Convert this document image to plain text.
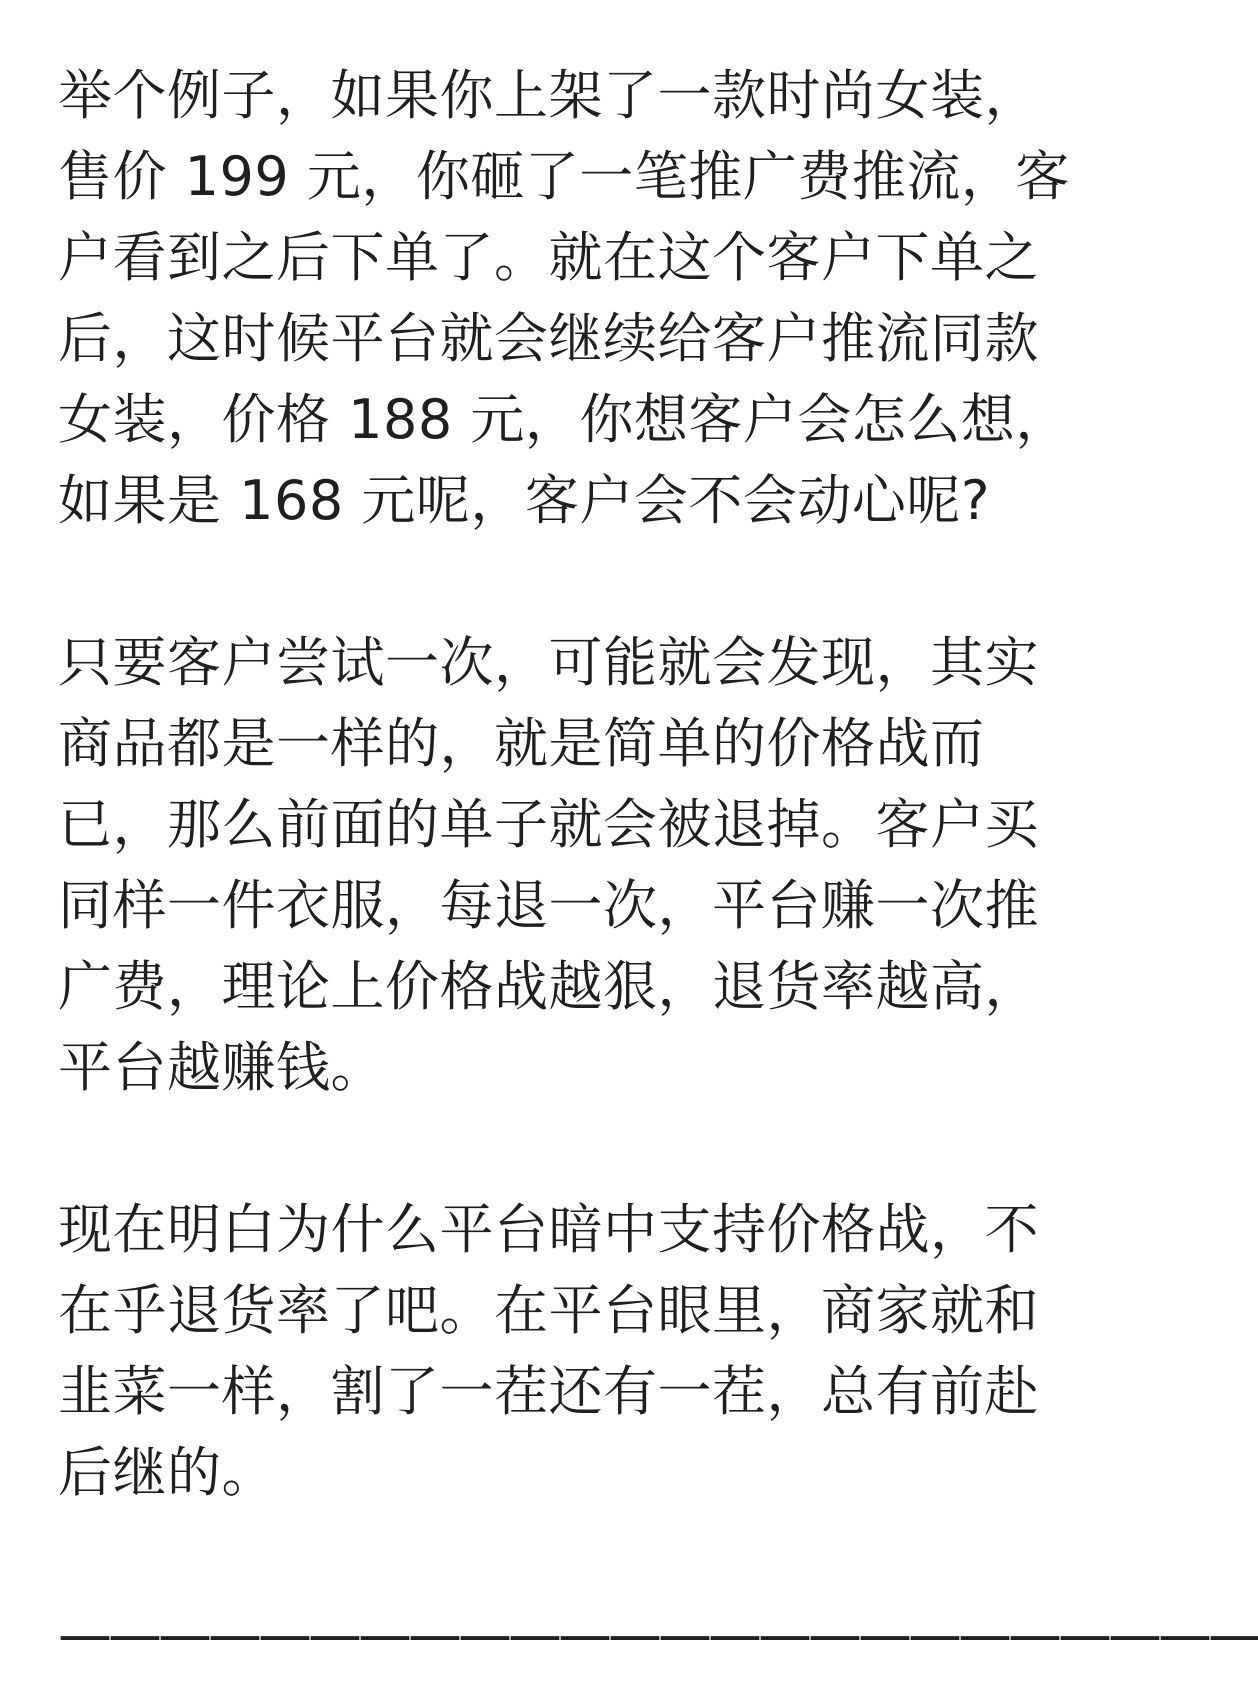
举个例子，如果你上架了一款时尚女装，
售价 199 元，你砸了一笔推广费推流，客
户看到之后下单了。就在这个客户下单之
后，这时候平台就会继续给客户推流同款
女装，价格 188 元，你想客户会怎么想，
如果是 168 元呢，客户会不会动心呢?

只要客户尝试一次，可能就会发现，其实
商品都是一样的，就是简单的价格战而
已，那么前面的单子就会被退掉。客户买
同样一件衣服，每退一次，平台赚一次推
广费，理论上价格战越狠，退货率越高，
平台越赚钱。

现在明白为什么平台暗中支持价格战，不
在乎退货率了吧。在平台眼里，商家就和
韭菜一样，割了一茬还有一茬，总有前赴
后继的。

————————————————————————
